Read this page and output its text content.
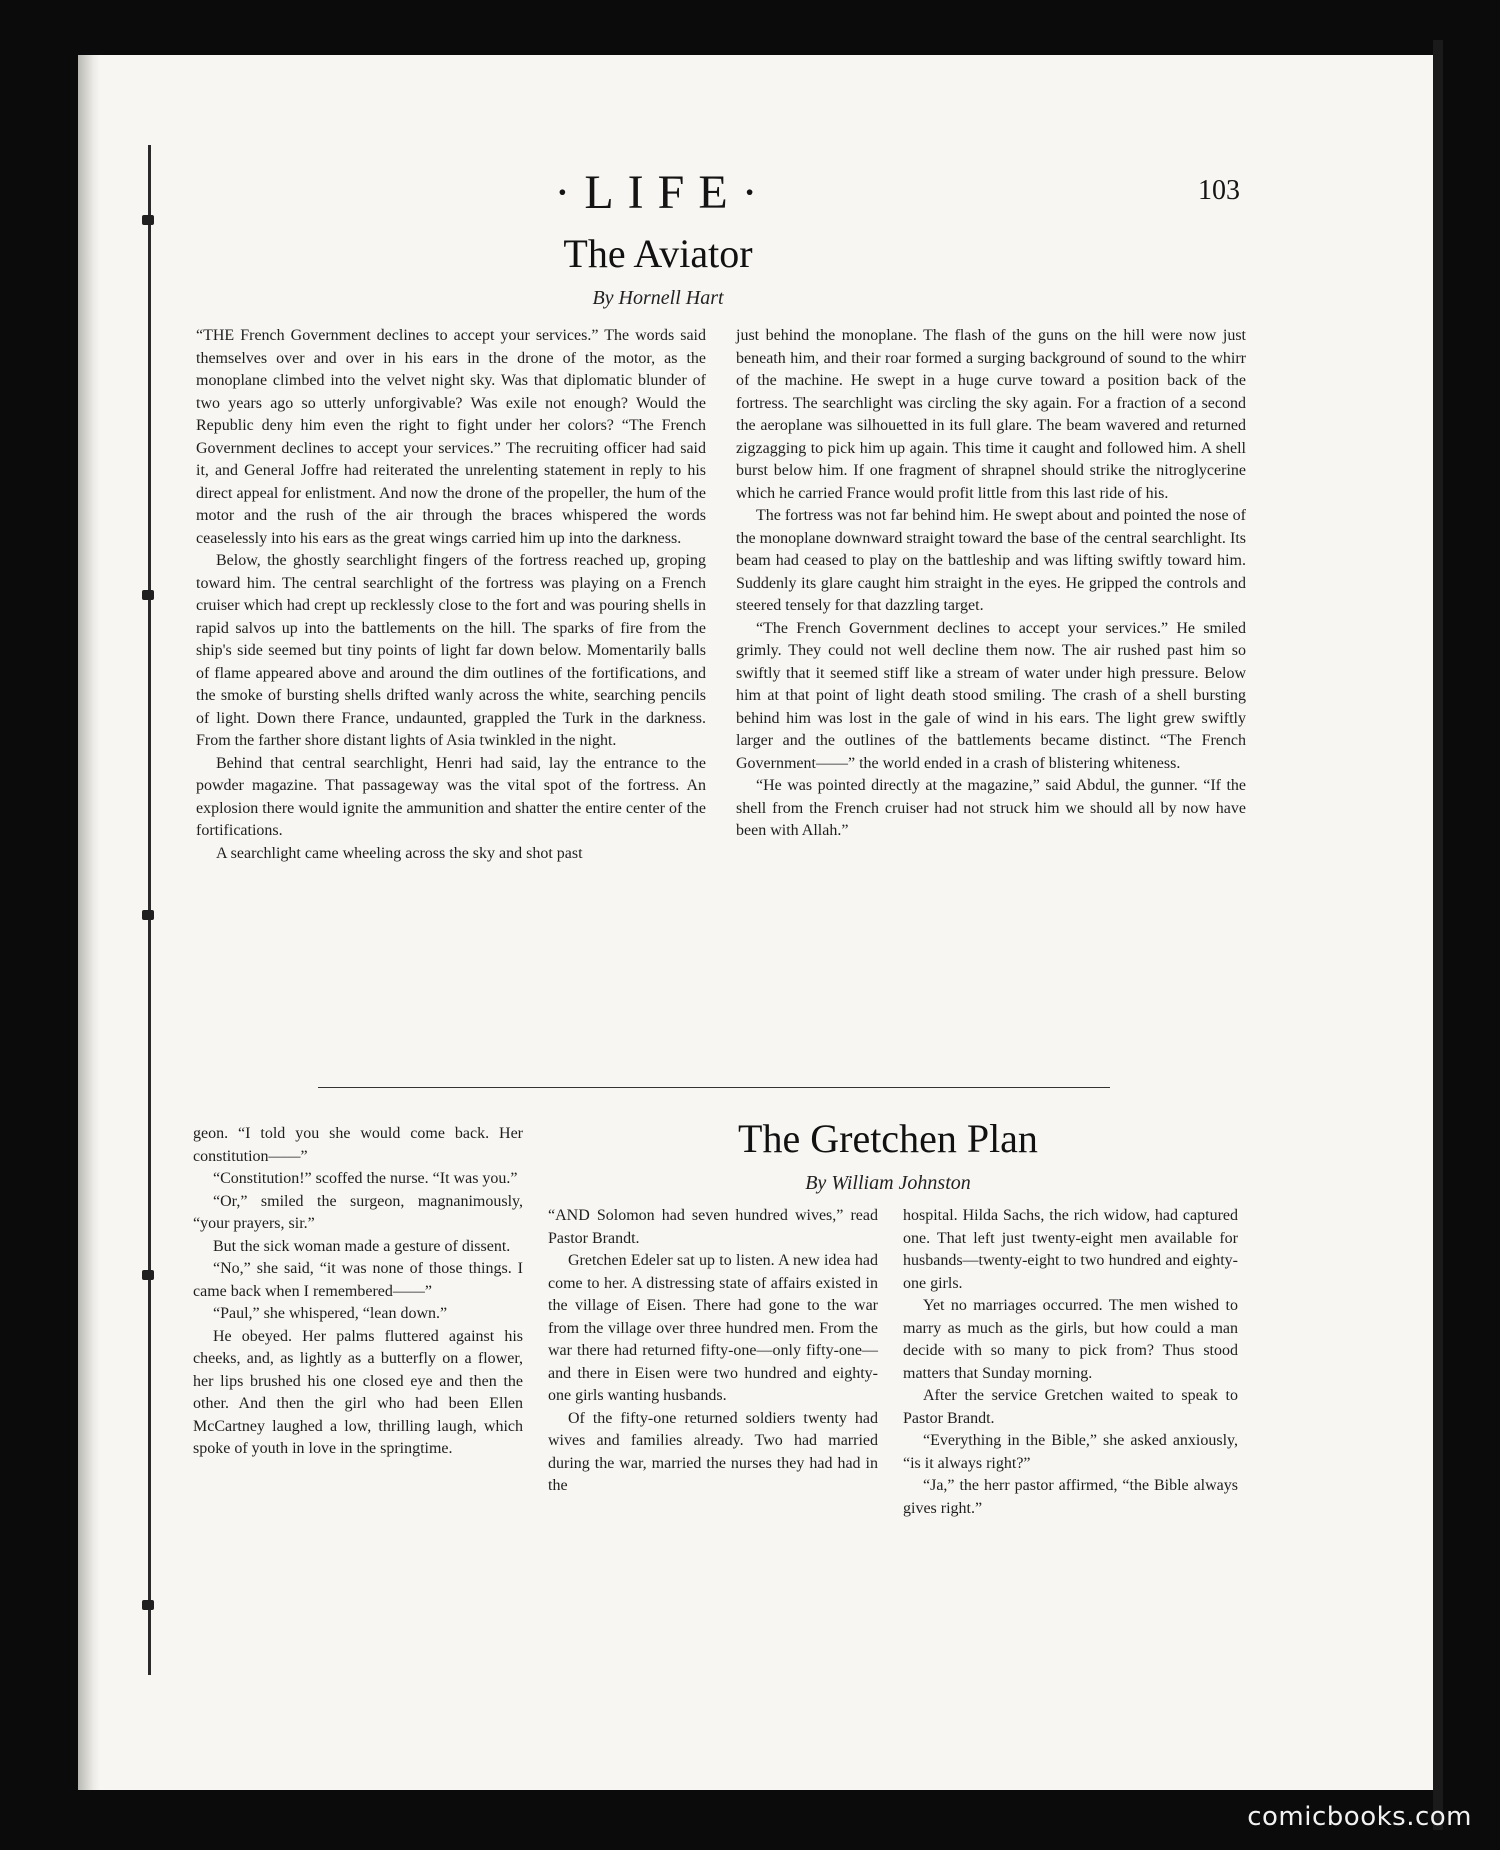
·LIFE·	103
The Aviator
By Hornell Hart

“THE French Government declines to accept your services.” The words said themselves over and over in his ears in the drone of the motor, as the monoplane climbed into the velvet night sky. Was that diplomatic blunder of two years ago so utterly unforgivable? Was exile not enough? Would the Republic deny him even the right to fight under her colors? “The French Government declines to accept your services.” The recruiting officer had said it, and General Joffre had reiterated the unrelenting statement in reply to his direct appeal for enlistment. And now the drone of the propeller, the hum of the motor and the rush of the air through the braces whispered the words ceaselessly into his ears as the great wings carried him up into the darkness.

Below, the ghostly searchlight fingers of the fortress reached up, groping toward him. The central searchlight of the fortress was playing on a French cruiser which had crept up recklessly close to the fort and was pouring shells in rapid salvos up into the battlements on the hill. The sparks of fire from the ship's side seemed but tiny points of light far down below. Momentarily balls of flame appeared above and around the dim outlines of the fortifications, and the smoke of bursting shells drifted wanly across the white, searching pencils of light. Down there France, undaunted, grappled the Turk in the darkness. From the farther shore distant lights of Asia twinkled in the night.

Behind that central searchlight, Henri had said, lay the entrance to the powder magazine. That passageway was the vital spot of the fortress. An explosion there would ignite the ammunition and shatter the entire center of the fortifications.

A searchlight came wheeling across the sky and shot past

just behind the monoplane. The flash of the guns on the hill were now just beneath him, and their roar formed a surging background of sound to the whirr of the machine. He swept in a huge curve toward a position back of the fortress. The searchlight was circling the sky again. For a fraction of a second the aeroplane was silhouetted in its full glare. The beam wavered and returned zigzagging to pick him up again. This time it caught and followed him. A shell burst below him. If one fragment of shrapnel should strike the nitroglycerine which he carried France would profit little from this last ride of his.

The fortress was not far behind him. He swept about and pointed the nose of the monoplane downward straight toward the base of the central searchlight. Its beam had ceased to play on the battleship and was lifting swiftly toward him. Suddenly its glare caught him straight in the eyes. He gripped the controls and steered tensely for that dazzling target.

“The French Government declines to accept your services.” He smiled grimly. They could not well decline them now. The air rushed past him so swiftly that it seemed stiff like a stream of water under high pressure. Below him at that point of light death stood smiling. The crash of a shell bursting behind him was lost in the gale of wind in his ears. The light grew swiftly larger and the outlines of the battlements became distinct. “The French Government——” the world ended in a crash of blistering whiteness.

“He was pointed directly at the magazine,” said Abdul, the gunner. “If the shell from the French cruiser had not struck him we should all by now have been with Allah.”

geon. “I told you she would come back. Her constitution——”

“Constitution!” scoffed the nurse. “It was you.”

“Or,” smiled the surgeon, magnanimously, “your prayers, sir.”

But the sick woman made a gesture of dissent.

“No,” she said, “it was none of those things. I came back when I remembered——”

“Paul,” she whispered, “lean down.”

He obeyed. Her palms fluttered against his cheeks, and, as lightly as a butterfly on a flower, her lips brushed his one closed eye and then the other. And then the girl who had been Ellen McCartney laughed a low, thrilling laugh, which spoke of youth in love in the springtime.

The Gretchen Plan
By William Johnston

“AND Solomon had seven hundred wives,” read Pastor Brandt.

Gretchen Edeler sat up to listen. A new idea had come to her. A distressing state of affairs existed in the village of Eisen. There had gone to the war from the village over three hundred men. From the war there had returned fifty-one—only fifty-one—and there in Eisen were two hundred and eighty-one girls wanting husbands.

Of the fifty-one returned soldiers twenty had wives and families already. Two had married during the war, married the nurses they had had in the

hospital. Hilda Sachs, the rich widow, had captured one. That left just twenty-eight men available for husbands—twenty-eight to two hundred and eighty-one girls.

Yet no marriages occurred. The men wished to marry as much as the girls, but how could a man decide with so many to pick from? Thus stood matters that Sunday morning.

After the service Gretchen waited to speak to Pastor Brandt.

“Everything in the Bible,” she asked anxiously, “is it always right?”

“Ja,” the herr pastor affirmed, “the Bible always gives right.”

comicbooks.com
